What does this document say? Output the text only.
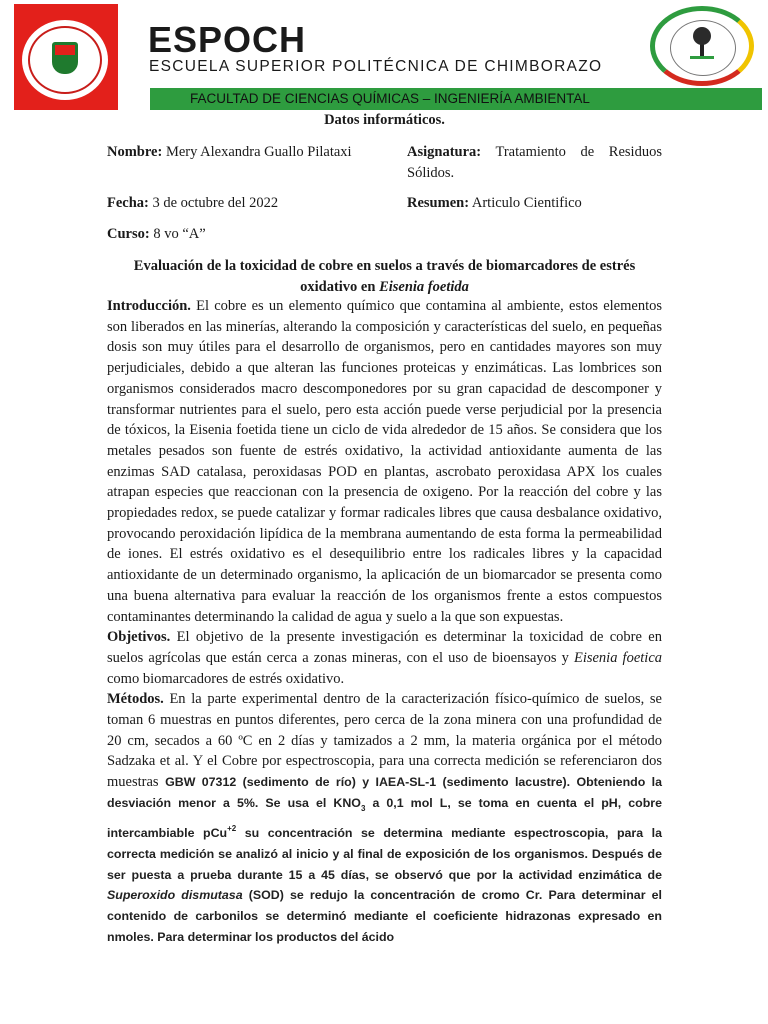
ESPOCH
ESCUELA SUPERIOR POLITÉCNICA DE CHIMBORAZO
FACULTAD DE CIENCIAS QUÍMICAS – INGENIERÍA AMBIENTAL
Datos informáticos.
Nombre: Mery Alexandra Guallo Pilataxi	Asignatura: Tratamiento de Residuos Sólidos.
Fecha: 3 de octubre del 2022	Resumen: Articulo Cientifico
Curso: 8 vo “A”
Evaluación de la toxicidad de cobre en suelos a través de biomarcadores de estrés
oxidativo en Eisenia foetida

Introducción. El cobre es un elemento químico que contamina al ambiente, estos elementos son liberados en las minerías, alterando la composición y características del suelo, en pequeñas dosis son muy útiles para el desarrollo de organismos, pero en cantidades mayores son muy perjudiciales, debido a que alteran las funciones proteicas y enzimáticas. Las lombrices son organismos considerados macro descomponedores por su gran capacidad de descomponer y transformar nutrientes para el suelo, pero esta acción puede verse perjudicial por la presencia de tóxicos, la Eisenia foetida tiene un ciclo de vida alrededor de 15 años. Se considera que los metales pesados son fuente de estrés oxidativo, la actividad antioxidante aumenta de las enzimas SAD catalasa, peroxidasas POD en plantas, ascrobato peroxidasa APX los cuales atrapan especies que reaccionan con la presencia de oxigeno. Por la reacción del cobre y las propiedades redox, se puede catalizar y formar radicales libres que causa desbalance oxidativo, provocando peroxidación lipídica de la membrana aumentando de esta forma la permeabilidad de iones. El estrés oxidativo es el desequilibrio entre los radicales libres y la capacidad antioxidante de un determinado organismo, la aplicación de un biomarcador se presenta como una buena alternativa para evaluar la reacción de los organismos frente a estos compuestos contaminantes determinando la calidad de agua y suelo a la que son expuestas.

Objetivos. El objetivo de la presente investigación es determinar la toxicidad de cobre en suelos agrícolas que están cerca a zonas mineras, con el uso de bioensayos y Eisenia foetica como biomarcadores de estrés oxidativo.

Métodos. En la parte experimental dentro de la caracterización físico-químico de suelos, se toman 6 muestras en puntos diferentes, pero cerca de la zona minera con una profundidad de 20 cm, secados a 60 ºC en 2 días y tamizados a 2 mm, la materia orgánica por el método Sadzaka et al. Y el Cobre por espectroscopia, para una correcta medición se referenciaron dos muestras GBW 07312 (sedimento de río) y IAEA-SL-1 (sedimento lacustre). Obteniendo la desviación menor a 5%. Se usa el $KNO_3$ a 0,1 mol L, se toma en cuenta el pH, cobre intercambiable pCu$^{+2}$ su concentración se determina mediante espectroscopia, para la correcta medición se analizó al inicio y al final de exposición de los organismos. Después de ser puesta a prueba durante 15 a 45 días, se observó que por la actividad enzimática de Superoxido dismutasa (SOD) se redujo la concentración de cromo Cr. Para determinar el contenido de carbonilos se determinó mediante el coeficiente hidrazonas expresado en nmoles. Para determinar los productos del ácido
